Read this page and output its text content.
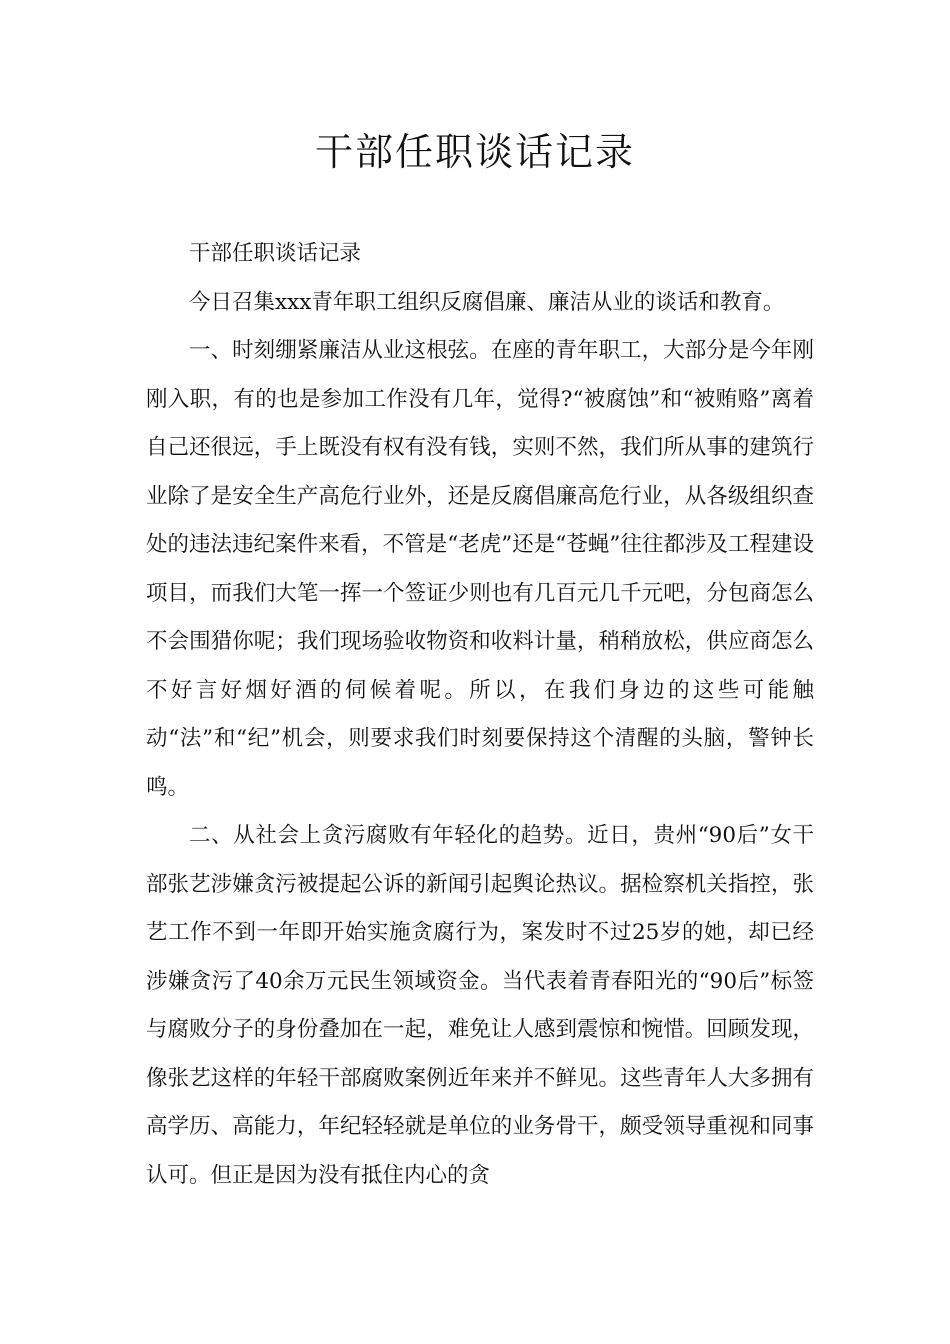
干部任职谈话记录

干部任职谈话记录

今日召集xxx青年职工组织反腐倡廉、廉洁从业的谈话和教育。

一、时刻绷紧廉洁从业这根弦。在座的青年职工，大部分是今年刚刚入职，有的也是参加工作没有几年，觉得?“被腐蚀”和“被贿赂”离着自己还很远，手上既没有权有没有钱，实则不然，我们所从事的建筑行业除了是安全生产高危行业外，还是反腐倡廉高危行业，从各级组织查处的违法违纪案件来看，不管是“老虎”还是“苍蝇”往往都涉及工程建设项目，而我们大笔一挥一个签证少则也有几百元几千元吧，分包商怎么不会围猎你呢；我们现场验收物资和收料计量，稍稍放松，供应商怎么不好言好烟好酒的伺候着呢。所以，在我们身边的这些可能触动“法”和“纪”机会，则要求我们时刻要保持这个清醒的头脑，警钟长鸣。

二、从社会上贪污腐败有年轻化的趋势。近日，贵州“90后”女干部张艺涉嫌贪污被提起公诉的新闻引起舆论热议。据检察机关指控，张艺工作不到一年即开始实施贪腐行为，案发时不过25岁的她，却已经涉嫌贪污了40余万元民生领域资金。当代表着青春阳光的“90后”标签与腐败分子的身份叠加在一起，难免让人感到震惊和惋惜。回顾发现，像张艺这样的年轻干部腐败案例近年来并不鲜见。这些青年人大多拥有高学历、高能力，年纪轻轻就是单位的业务骨干，颇受领导重视和同事认可。但正是因为没有抵住内心的贪
